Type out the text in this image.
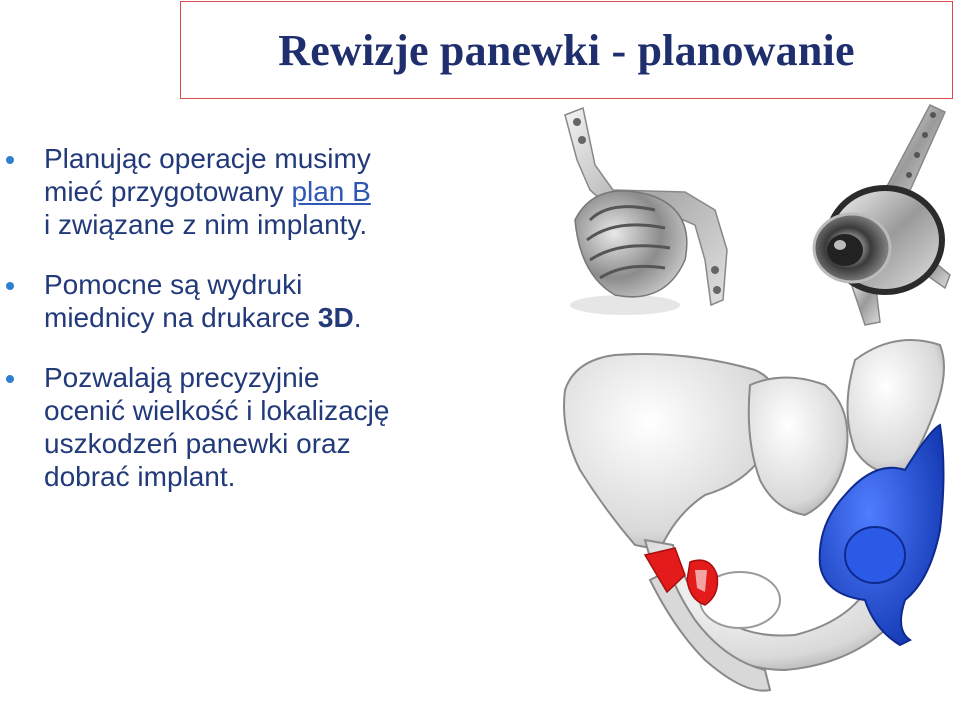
Rewizje panewki - planowanie
Planując operacje musimy
mieć przygotowany plan B
i związane z nim implanty.
Pomocne są wydruki
miednicy na drukarce 3D.
Pozwalają precyzyjnie
ocenić wielkość i lokalizację
uszkodzeń panewki oraz
dobrać implant.
